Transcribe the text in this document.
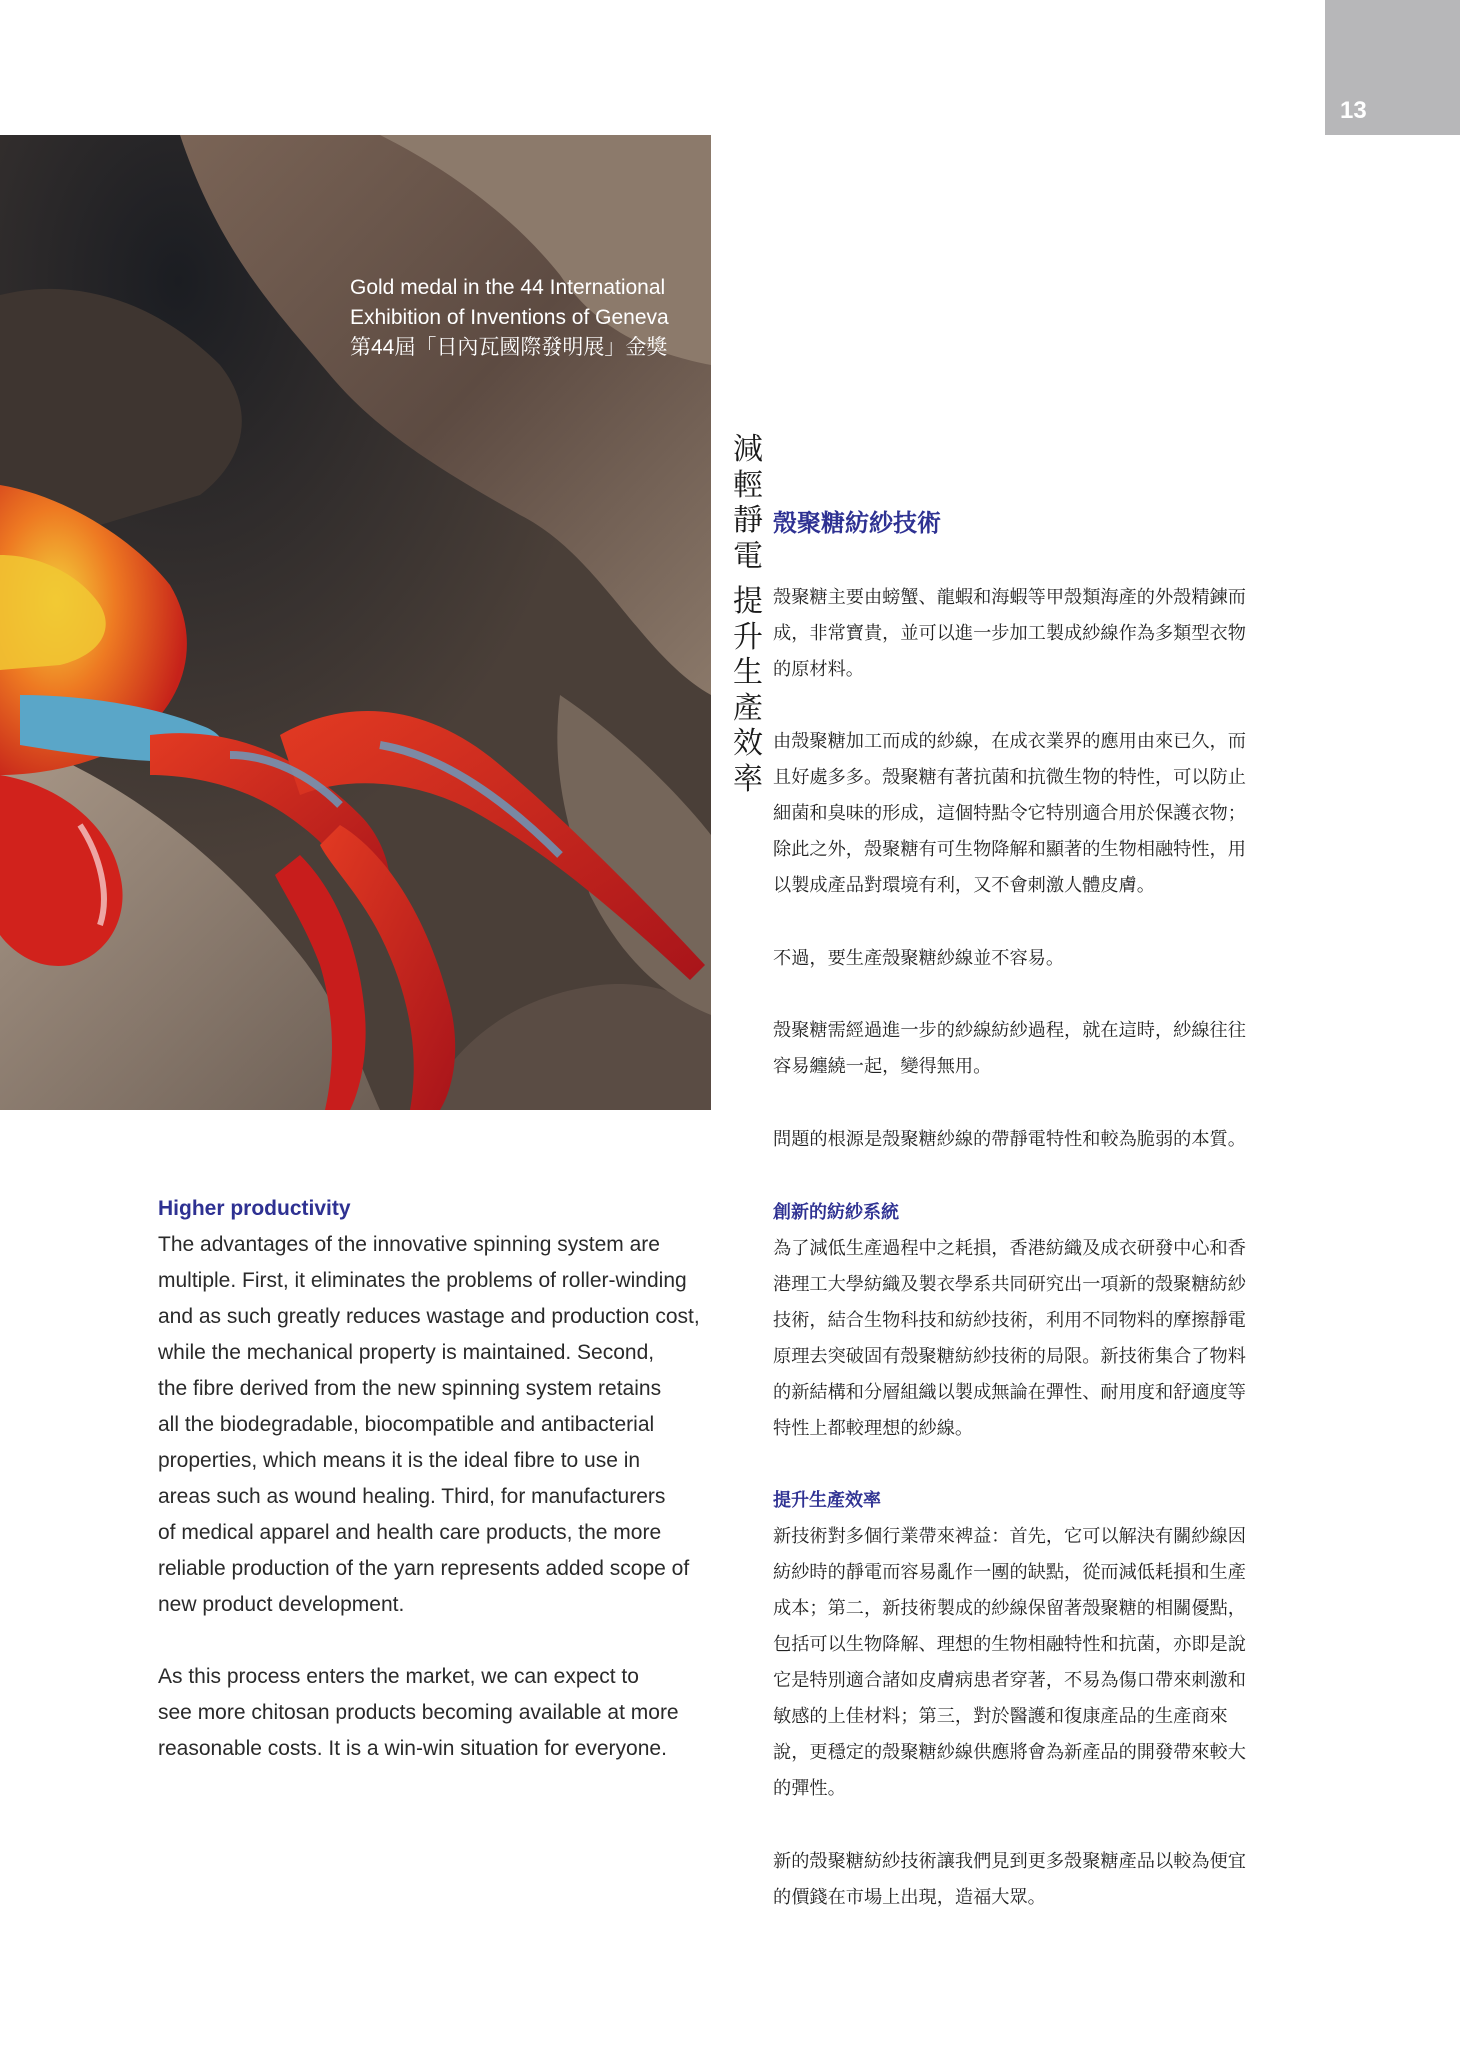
13
Gold medal in the 44 International
Exhibition of Inventions of Geneva
第44屆「日內瓦國際發明展」金獎
減
輕
靜
電
提
升
生
產
效
率
殼聚糖紡紗技術
殼聚糖主要由螃蟹、龍蝦和海蝦等甲殼類海產的外殼精鍊而
成，非常寶貴，並可以進一步加工製成紗線作為多類型衣物
的原材料。
由殼聚糖加工而成的紗線，在成衣業界的應用由來已久，而
且好處多多。殼聚糖有著抗菌和抗微生物的特性，可以防止
細菌和臭味的形成，這個特點令它特別適合用於保護衣物；
除此之外，殼聚糖有可生物降解和顯著的生物相融特性，用
以製成產品對環境有利，又不會刺激人體皮膚。
不過，要生產殼聚糖紗線並不容易。
殼聚糖需經過進一步的紗線紡紗過程，就在這時，紗線往往
容易纏繞一起，變得無用。
問題的根源是殼聚糖紗線的帶靜電特性和較為脆弱的本質。
創新的紡紗系統
為了減低生產過程中之耗損，香港紡織及成衣研發中心和香
港理工大學紡織及製衣學系共同研究出一項新的殼聚糖紡紗
技術，結合生物科技和紡紗技術，利用不同物料的摩擦靜電
原理去突破固有殼聚糖紡紗技術的局限。新技術集合了物料
的新結構和分層組織以製成無論在彈性、耐用度和舒適度等
特性上都較理想的紗線。
提升生產效率
新技術對多個行業帶來裨益：首先，它可以解決有關紗線因
紡紗時的靜電而容易亂作一團的缺點，從而減低耗損和生產
成本；第二，新技術製成的紗線保留著殼聚糖的相關優點，
包括可以生物降解、理想的生物相融特性和抗菌，亦即是說
它是特別適合諸如皮膚病患者穿著，不易為傷口帶來刺激和
敏感的上佳材料；第三，對於醫護和復康產品的生產商來
說，更穩定的殼聚糖紗線供應將會為新產品的開發帶來較大
的彈性。
新的殼聚糖紡紗技術讓我們見到更多殼聚糖產品以較為便宜
的價錢在市場上出現，造福大眾。
Higher productivity
The advantages of the innovative spinning system are
multiple. First, it eliminates the problems of roller-winding
and as such greatly reduces wastage and production cost,
while the mechanical property is maintained. Second,
the fibre derived from the new spinning system retains
all the biodegradable, biocompatible and antibacterial
properties, which means it is the ideal fibre to use in
areas such as wound healing. Third, for manufacturers
of medical apparel and health care products, the more
reliable production of the yarn represents added scope of
new product development.
As this process enters the market, we can expect to
see more chitosan products becoming available at more
reasonable costs. It is a win-win situation for everyone.
